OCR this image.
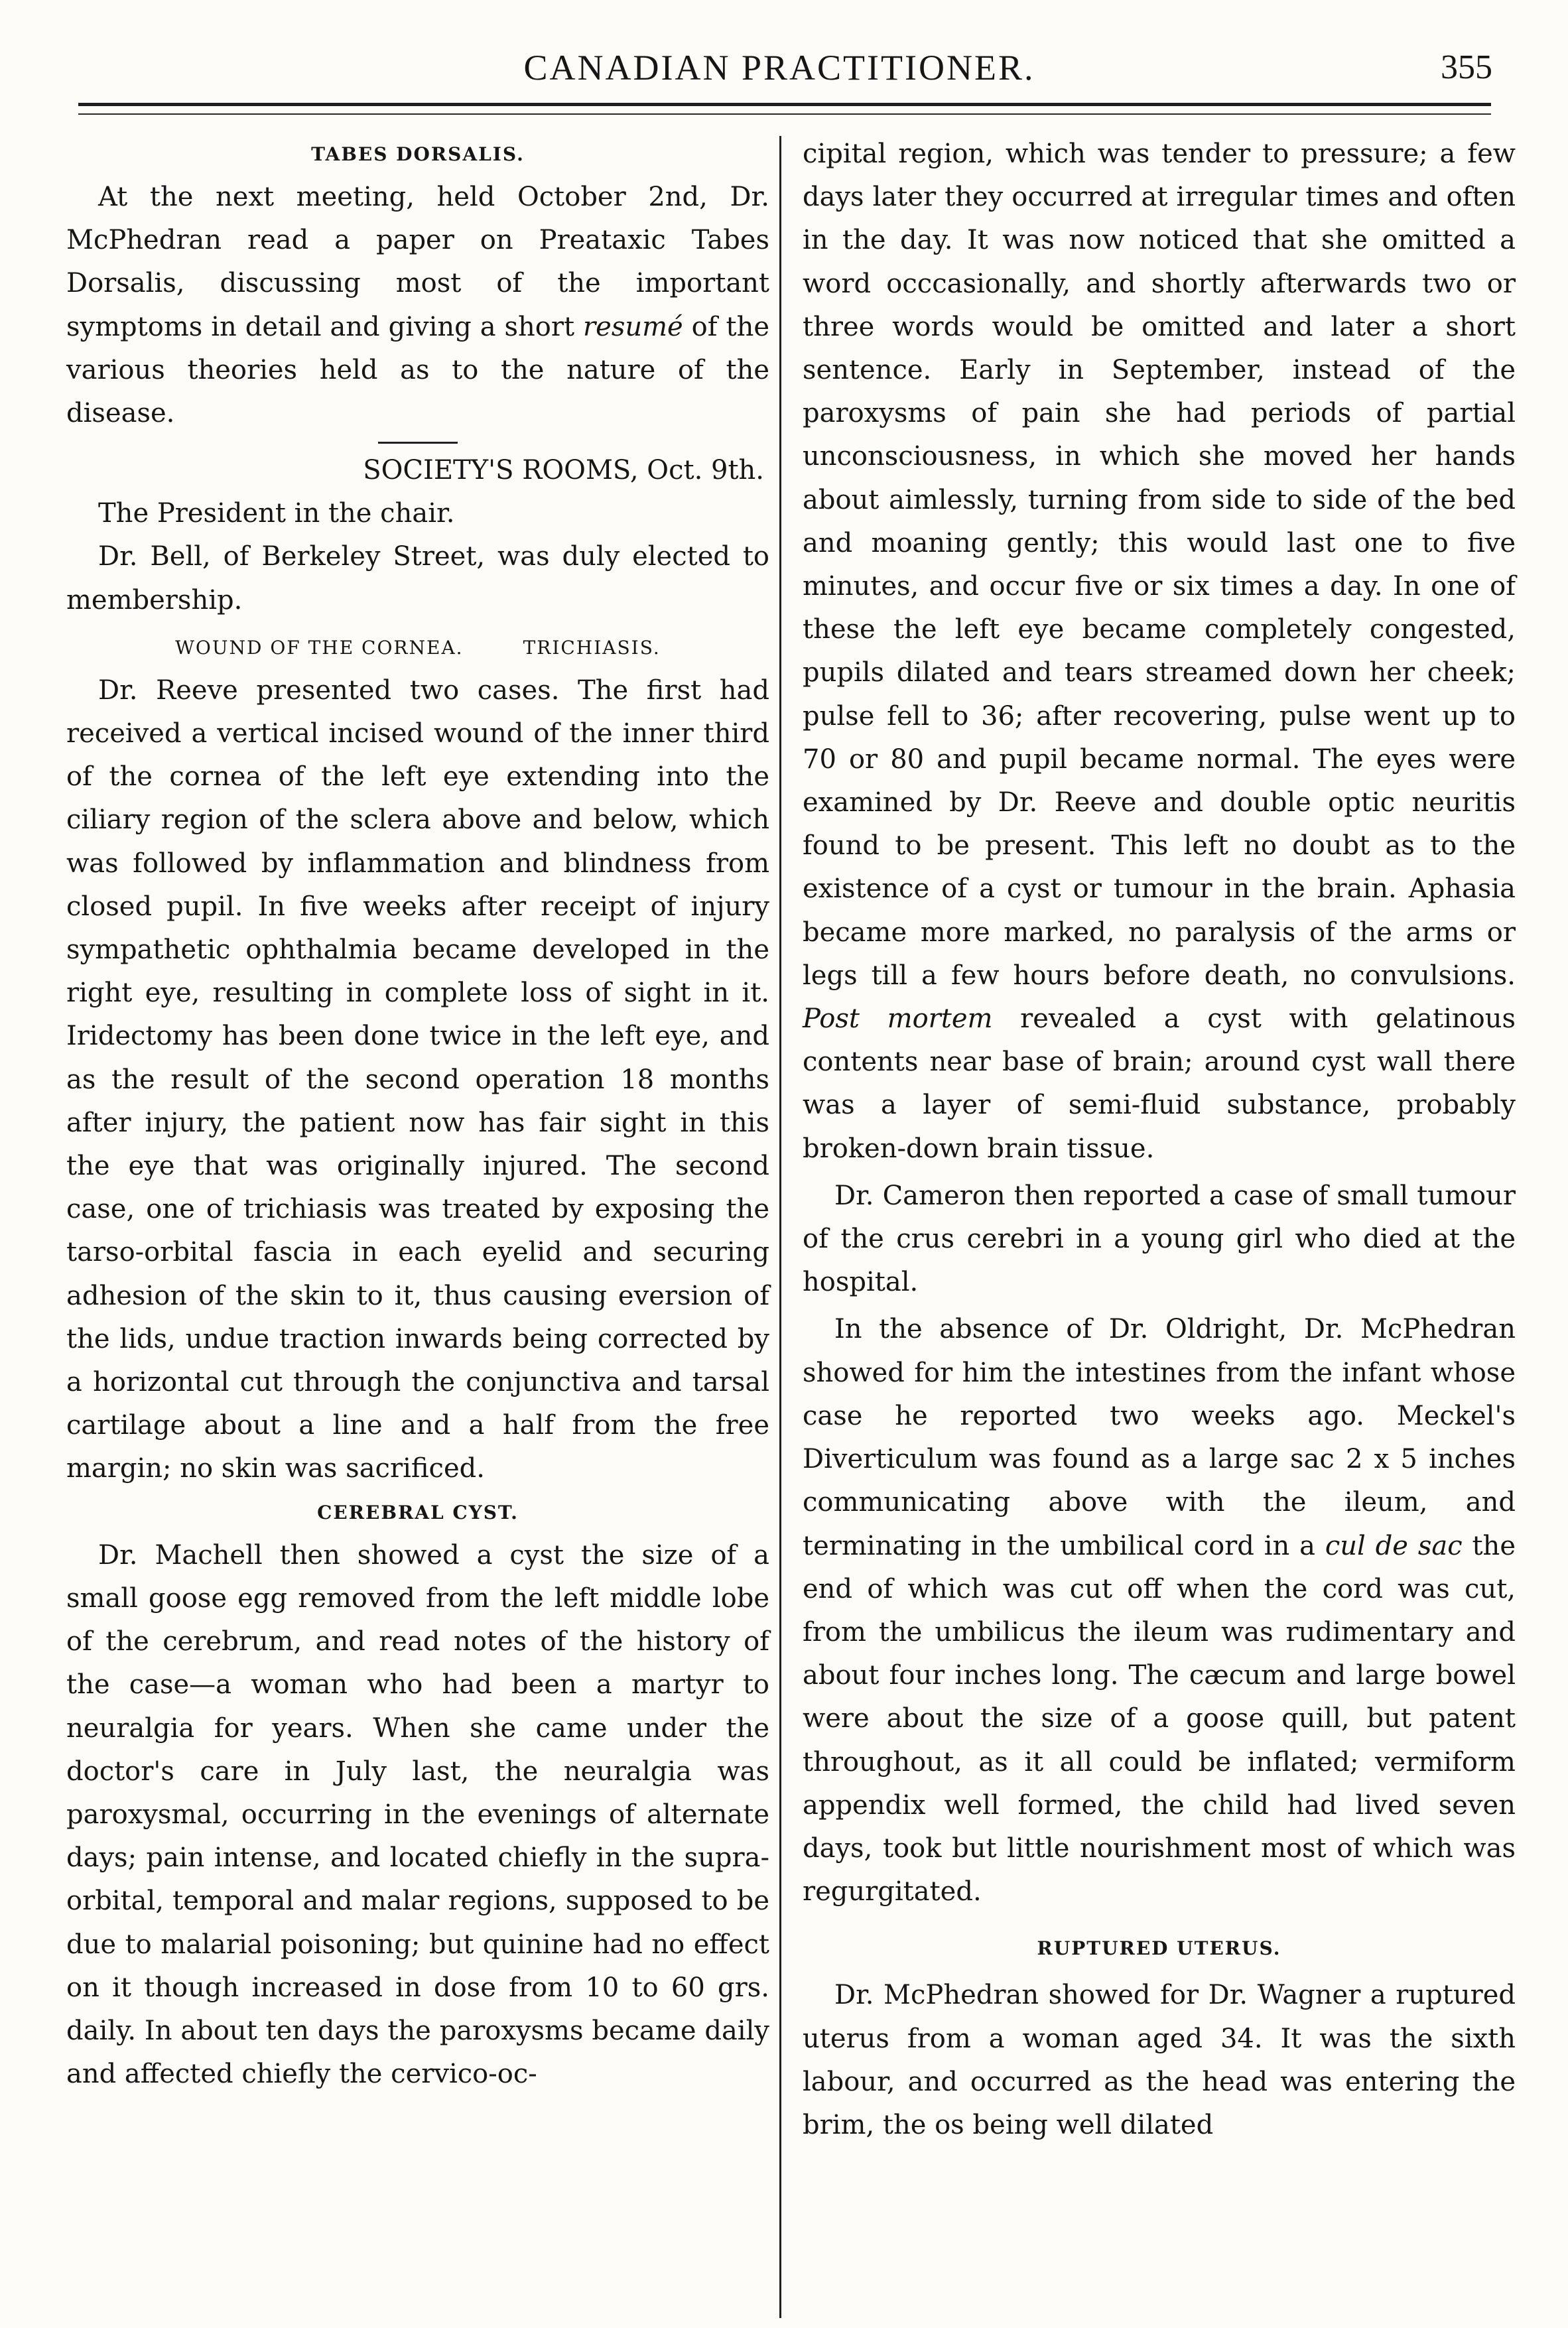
CANADIAN PRACTITIONER.	355
TABES DORSALIS.

At the next meeting, held October 2nd, Dr. McPhedran read a paper on Preataxic Tabes Dorsalis, discussing most of the important symptoms in detail and giving a short resumé of the various theories held as to the nature of the disease.

SOCIETY'S ROOMS, Oct. 9th.

The President in the chair.

Dr. Bell, of Berkeley Street, was duly elected to membership.

WOUND OF THE CORNEA.	TRICHIASIS.

Dr. Reeve presented two cases. The first had received a vertical incised wound of the inner third of the cornea of the left eye extending into the ciliary region of the sclera above and below, which was followed by inflammation and blindness from closed pupil. In five weeks after receipt of injury sympathetic ophthalmia became developed in the right eye, resulting in complete loss of sight in it. Iridectomy has been done twice in the left eye, and as the result of the second operation 18 months after injury, the patient now has fair sight in this the eye that was originally injured. The second case, one of trichiasis was treated by exposing the tarso-orbital fascia in each eyelid and securing adhesion of the skin to it, thus causing eversion of the lids, undue traction inwards being corrected by a horizontal cut through the conjunctiva and tarsal cartilage about a line and a half from the free margin; no skin was sacrificed.

CEREBRAL CYST.

Dr. Machell then showed a cyst the size of a small goose egg removed from the left middle lobe of the cerebrum, and read notes of the history of the case—a woman who had been a martyr to neuralgia for years. When she came under the doctor's care in July last, the neuralgia was paroxysmal, occurring in the evenings of alternate days; pain intense, and located chiefly in the supra-orbital, temporal and malar regions, supposed to be due to malarial poisoning; but quinine had no effect on it though increased in dose from 10 to 60 grs. daily. In about ten days the paroxysms became daily and affected chiefly the cervico-oc-

cipital region, which was tender to pressure; a few days later they occurred at irregular times and often in the day. It was now noticed that she omitted a word occcasionally, and shortly afterwards two or three words would be omitted and later a short sentence. Early in September, instead of the paroxysms of pain she had periods of partial unconsciousness, in which she moved her hands about aimlessly, turning from side to side of the bed and moaning gently; this would last one to five minutes, and occur five or six times a day. In one of these the left eye became completely congested, pupils dilated and tears streamed down her cheek; pulse fell to 36; after recovering, pulse went up to 70 or 80 and pupil became normal. The eyes were examined by Dr. Reeve and double optic neuritis found to be present. This left no doubt as to the existence of a cyst or tumour in the brain. Aphasia became more marked, no paralysis of the arms or legs till a few hours before death, no convulsions. Post mortem revealed a cyst with gelatinous contents near base of brain; around cyst wall there was a layer of semi-fluid substance, probably broken-down brain tissue.

Dr. Cameron then reported a case of small tumour of the crus cerebri in a young girl who died at the hospital.

In the absence of Dr. Oldright, Dr. McPhedran showed for him the intestines from the infant whose case he reported two weeks ago. Meckel's Diverticulum was found as a large sac 2 x 5 inches communicating above with the ileum, and terminating in the umbilical cord in a cul de sac the end of which was cut off when the cord was cut, from the umbilicus the ileum was rudimentary and about four inches long. The cæcum and large bowel were about the size of a goose quill, but patent throughout, as it all could be inflated; vermiform appendix well formed, the child had lived seven days, took but little nourishment most of which was regurgitated.

RUPTURED UTERUS.

Dr. McPhedran showed for Dr. Wagner a ruptured uterus from a woman aged 34. It was the sixth labour, and occurred as the head was entering the brim, the os being well dilated
